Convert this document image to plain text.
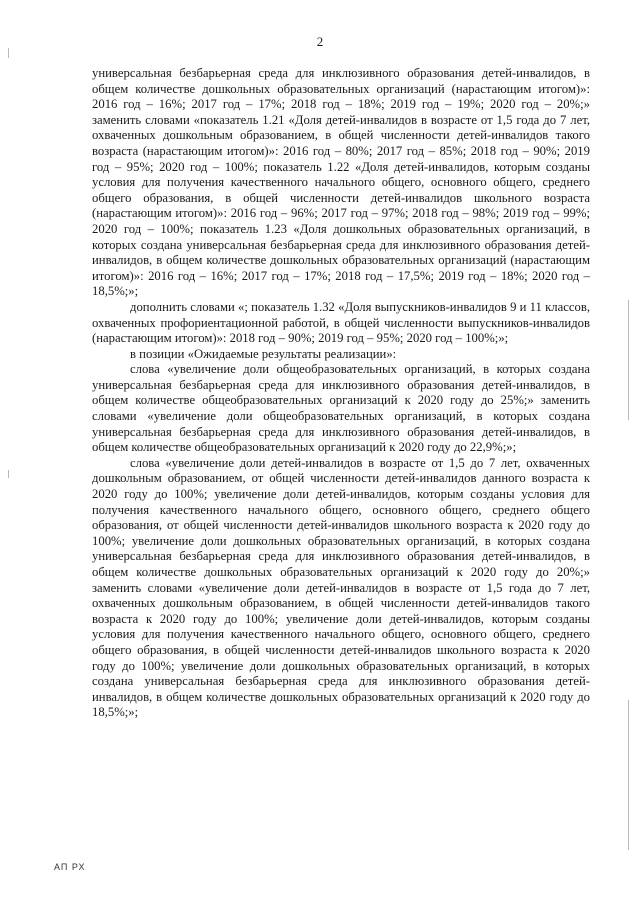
2

универсальная безбарьерная среда для инклюзивного образования детей-инвалидов, в общем количестве дошкольных образовательных организаций (нарастающим итогом)»: 2016 год – 16%; 2017 год – 17%; 2018 год – 18%; 2019 год – 19%; 2020 год – 20%;» заменить словами «показатель 1.21 «Доля детей-инвалидов в возрасте от 1,5 года до 7 лет, охваченных дошкольным образованием, в общей численности детей-инвалидов такого возраста (нарастающим итогом)»: 2016 год – 80%; 2017 год – 85%; 2018 год – 90%; 2019 год – 95%; 2020 год – 100%; показатель 1.22 «Доля детей-инвалидов, которым созданы условия для получения качественного начального общего, основного общего, среднего общего образования, в общей численности детей-инвалидов школьного возраста (нарастающим итогом)»: 2016 год – 96%; 2017 год – 97%; 2018 год – 98%; 2019 год – 99%; 2020 год – 100%; показатель 1.23 «Доля дошкольных образовательных организаций, в которых создана универсальная безбарьерная среда для инклюзивного образования детей-инвалидов, в общем количестве дошкольных образовательных организаций (нарастающим итогом)»: 2016 год – 16%; 2017 год – 17%; 2018 год – 17,5%; 2019 год – 18%; 2020 год – 18,5%;»;

дополнить словами «; показатель 1.32 «Доля выпускников-инвалидов 9 и 11 классов, охваченных профориентационной работой, в общей численности выпускников-инвалидов (нарастающим итогом)»: 2018 год – 90%; 2019 год – 95%; 2020 год – 100%;»;

в позиции «Ожидаемые результаты реализации»:

слова «увеличение доли общеобразовательных организаций, в которых создана универсальная безбарьерная среда для инклюзивного образования детей-инвалидов, в общем количестве общеобразовательных организаций к 2020 году до 25%;» заменить словами «увеличение доли общеобразовательных организаций, в которых создана универсальная безбарьерная среда для инклюзивного образования детей-инвалидов, в общем количестве общеобразовательных организаций к 2020 году до 22,9%;»;

слова «увеличение доли детей-инвалидов в возрасте от 1,5 до 7 лет, охваченных дошкольным образованием, от общей численности детей-инвалидов данного возраста к 2020 году до 100%; увеличение доли детей-инвалидов, которым созданы условия для получения качественного начального общего, основного общего, среднего общего образования, от общей численности детей-инвалидов школьного возраста к 2020 году до 100%; увеличение доли дошкольных образовательных организаций, в которых создана универсальная безбарьерная среда для инклюзивного образования детей-инвалидов, в общем количестве дошкольных образовательных организаций к 2020 году до 20%;» заменить словами «увеличение доли детей-инвалидов в возрасте от 1,5 года до 7 лет, охваченных дошкольным образованием, в общей численности детей-инвалидов такого возраста к 2020 году до 100%; увеличение доли детей-инвалидов, которым созданы условия для получения качественного начального общего, основного общего, среднего общего образования, в общей численности детей-инвалидов школьного возраста к 2020 году до 100%; увеличение доли дошкольных образовательных организаций, в которых создана универсальная безбарьерная среда для инклюзивного образования детей-инвалидов, в общем количестве дошкольных образовательных организаций к 2020 году до 18,5%;»;

АП РХ
